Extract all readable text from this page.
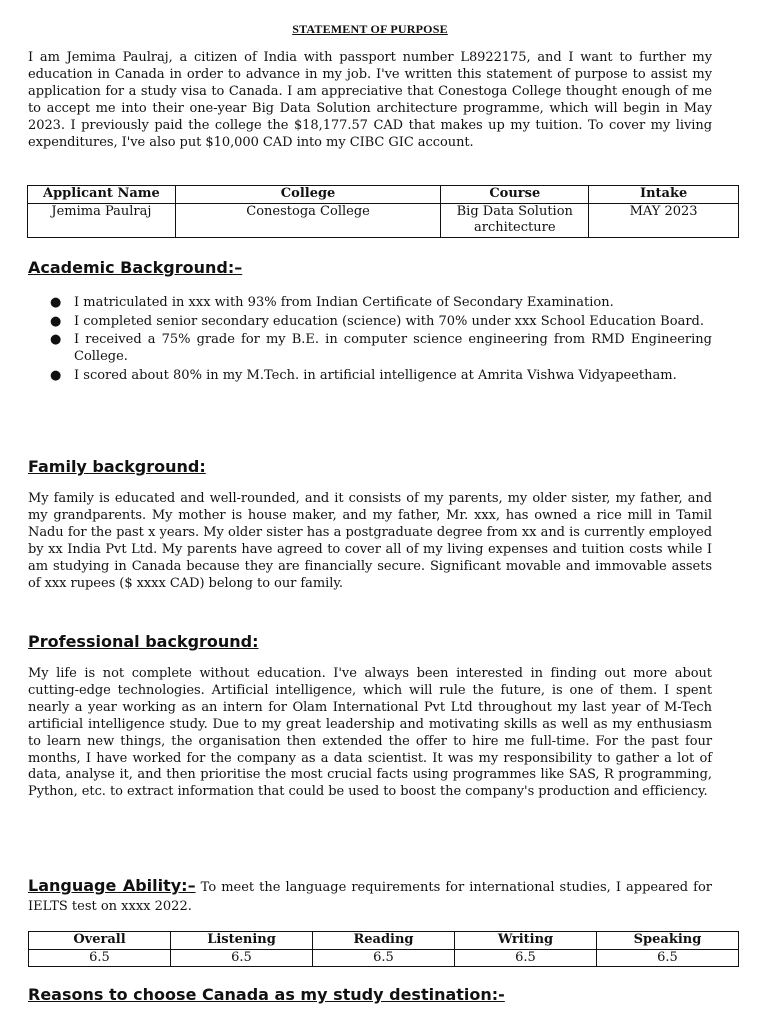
STATEMENT OF PURPOSE
I am Jemima Paulraj, a citizen of India with passport number L8922175, and I want to further my education in Canada in order to advance in my job. I've written this statement of purpose to assist my application for a study visa to Canada. I am appreciative that Conestoga College thought enough of me to accept me into their one-year Big Data Solution architecture programme, which will begin in May 2023. I previously paid the college the $18,177.57 CAD that makes up my tuition. To cover my living expenditures, I've also put $10,000 CAD into my CIBC GIC account.
Applicant Name	College	Course	Intake
Jemima Paulraj	Conestoga College	Big Data Solution architecture	MAY 2023
Academic Background:–
● I matriculated in xxx with 93% from Indian Certificate of Secondary Examination.
● I completed senior secondary education (science) with 70% under xxx School Education Board.
● I received a 75% grade for my B.E. in computer science engineering from RMD Engineering College.
● I scored about 80% in my M.Tech. in artificial intelligence at Amrita Vishwa Vidyapeetham.
Family background:
My family is educated and well-rounded, and it consists of my parents, my older sister, my father, and my grandparents. My mother is house maker, and my father, Mr. xxx, has owned a rice mill in Tamil Nadu for the past x years. My older sister has a postgraduate degree from xx and is currently employed by xx India Pvt Ltd. My parents have agreed to cover all of my living expenses and tuition costs while I am studying in Canada because they are financially secure. Significant movable and immovable assets of xxx rupees ($ xxxx CAD) belong to our family.
Professional background:
My life is not complete without education. I've always been interested in finding out more about cutting-edge technologies. Artificial intelligence, which will rule the future, is one of them. I spent nearly a year working as an intern for Olam International Pvt Ltd throughout my last year of M-Tech artificial intelligence study. Due to my great leadership and motivating skills as well as my enthusiasm to learn new things, the organisation then extended the offer to hire me full-time. For the past four months, I have worked for the company as a data scientist. It was my responsibility to gather a lot of data, analyse it, and then prioritise the most crucial facts using programmes like SAS, R programming, Python, etc. to extract information that could be used to boost the company's production and efficiency.
Language Ability:– To meet the language requirements for international studies, I appeared for IELTS test on xxxx 2022.
Overall	Listening	Reading	Writing	Speaking
6.5	6.5	6.5	6.5	6.5
Reasons to choose Canada as my study destination:-
